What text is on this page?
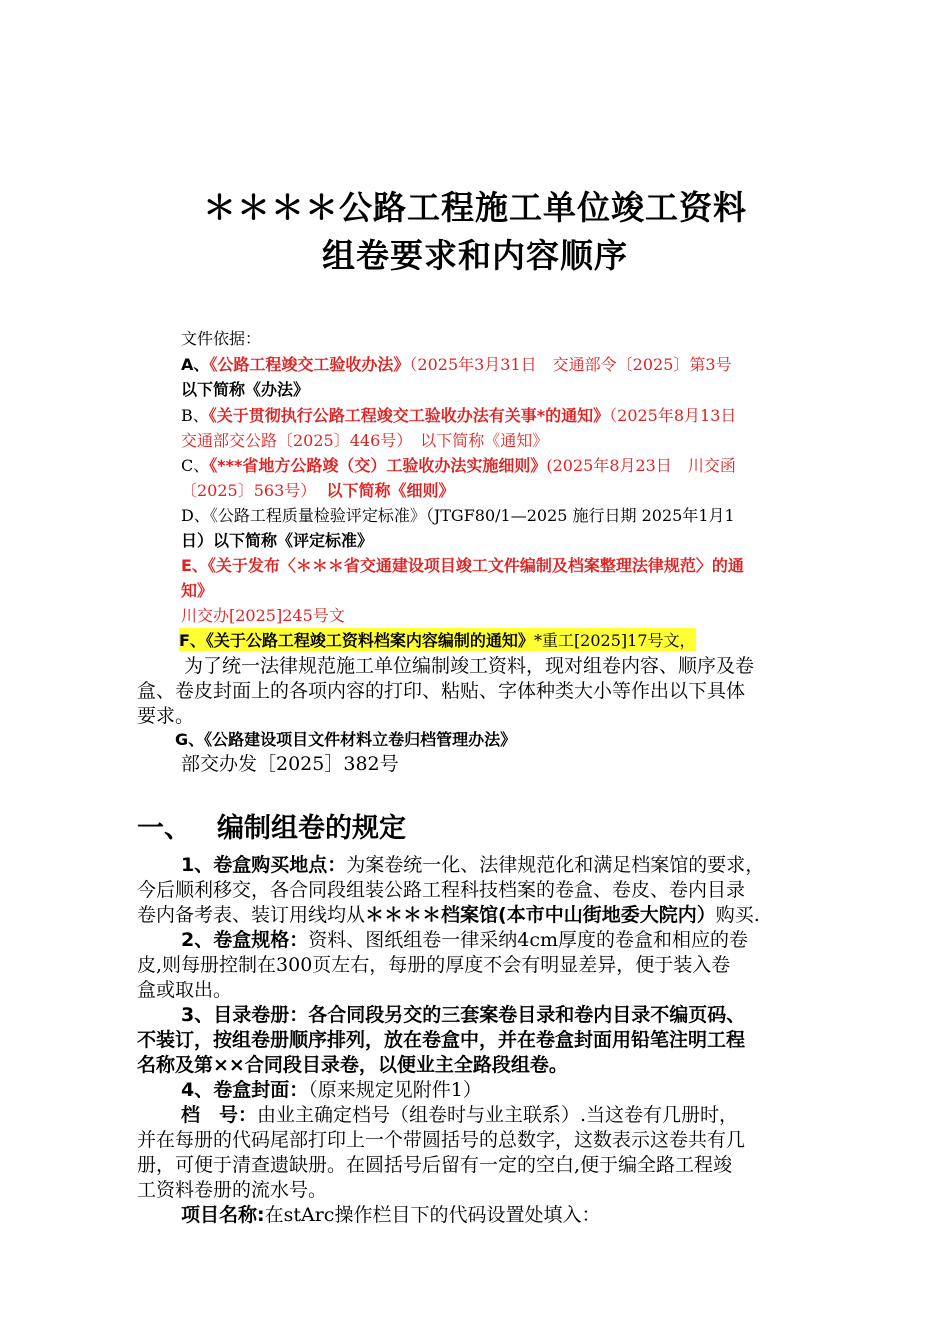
＊＊＊＊公路工程施工单位竣工资料
组卷要求和内容顺序
文件依据：
A、《公路工程竣交工验收办法》（2025年3月31日　交通部令〔2025〕第3号
以下简称《办法》
B、《关于贯彻执行公路工程竣交工验收办法有关事*的通知》（2025年8月13日
交通部交公路〔2025〕446号）　以下简称《通知》
C、《***省地方公路竣（交）工验收办法实施细则》(2025年8月23日　川交函
〔2025〕563号） 以下简称《细则》
D、《公路工程质量检验评定标准》（JTGF80/1—2025 施行日期 2025年1月1
日）以下简称《评定标准》
E、《关于发布〈＊＊＊省交通建设项目竣工文件编制及档案整理法律规范〉的通
知》
川交办[2025]245号文
F、《关于公路工程竣工资料档案内容编制的通知》*重工[2025]17号文，
　为了统一法律规范施工单位编制竣工资料，现对组卷内容、顺序及卷
盒、卷皮封面上的各项内容的打印、粘贴、字体种类大小等作出以下具体
要求。
G、《公路建设项目文件材料立卷归档管理办法》
部交办发［2025］382号
一、 编制组卷的规定
1、卷盒购买地点：为案卷统一化、法律规范化和满足档案馆的要求，
今后顺利移交，各合同段组装公路工程科技档案的卷盒、卷皮、卷内目录
卷内备考表、装订用线均从＊＊＊＊档案馆(本市中山街地委大院内）购买.
2、卷盒规格：资料、图纸组卷一律采纳4cm厚度的卷盒和相应的卷
皮,则每册控制在300页左右，每册的厚度不会有明显差异，便于装入卷
盒或取出。
3、目录卷册：各合同段另交的三套案卷目录和卷内目录不编页码、
不装订，按组卷册顺序排列，放在卷盒中，并在卷盒封面用铅笔注明工程
名称及第××合同段目录卷，以便业主全路段组卷。
4、卷盒封面：（原来规定见附件1）
档　号：由业主确定档号（组卷时与业主联系）.当这卷有几册时，
并在每册的代码尾部打印上一个带圆括号的总数字，这数表示这卷共有几
册，可便于清查遗缺册。在圆括号后留有一定的空白,便于编全路工程竣
工资料卷册的流水号。
项目名称:在stArc操作栏目下的代码设置处填入：
